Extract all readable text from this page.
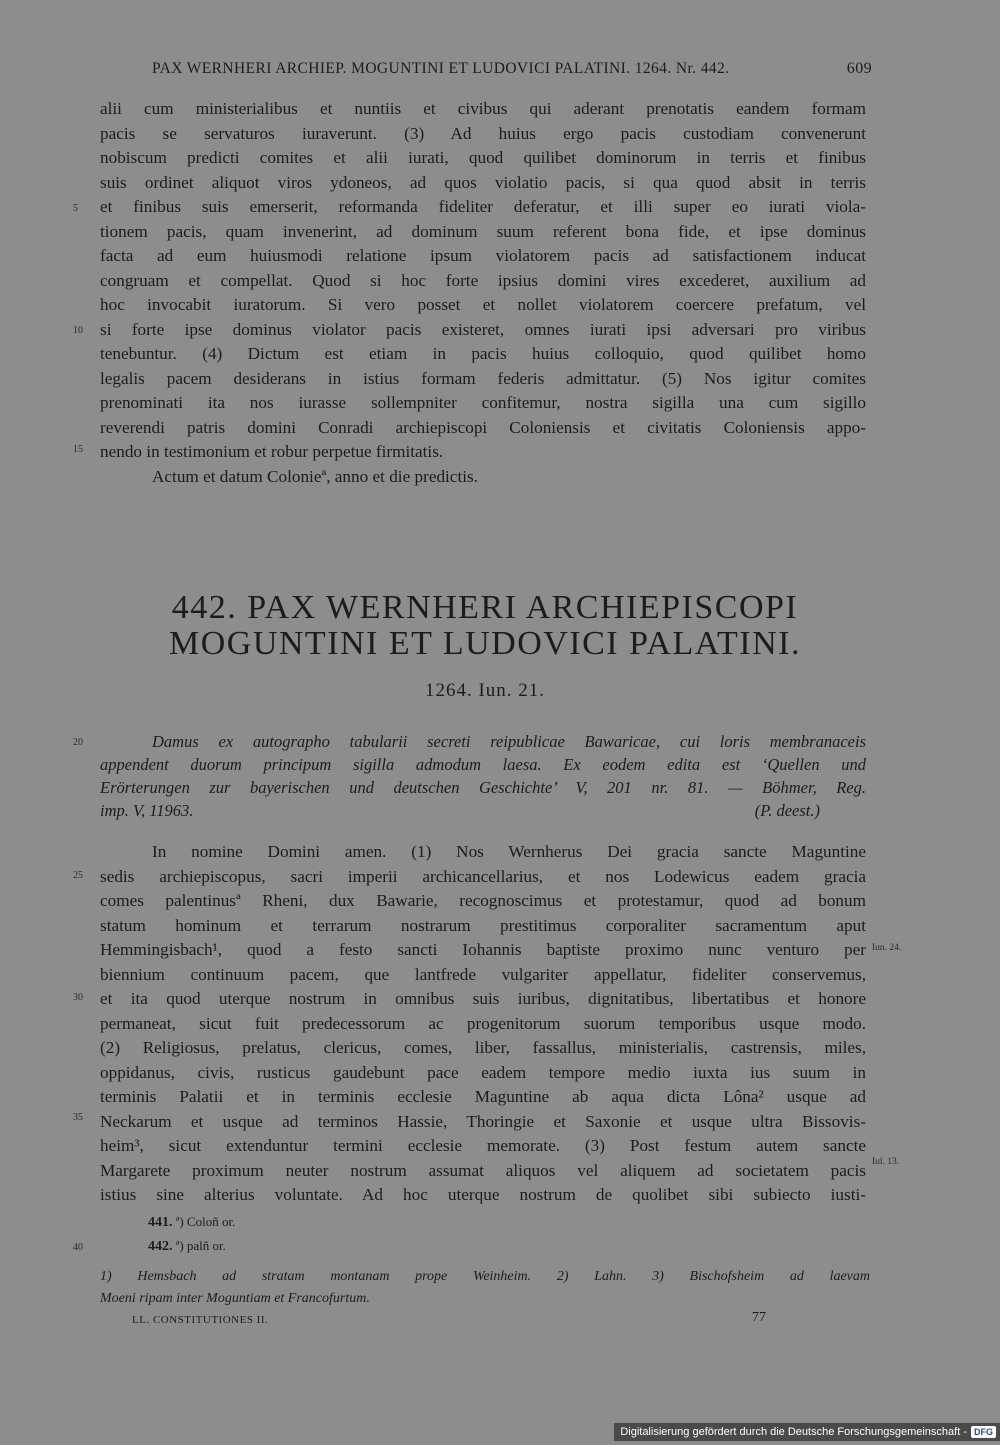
PAX WERNHERI ARCHIEP. MOGUNTINI ET LUDOVICI PALATINI. 1264. Nr. 442.	609
alii cum ministerialibus et nuntiis et civibus qui aderant prenotatis eandem formam
pacis se servaturos iuraverunt. (3) Ad huius ergo pacis custodiam convenerunt
nobiscum predicti comites et alii iurati, quod quilibet dominorum in terris et finibus
suis ordinet aliquot viros ydoneos, ad quos violatio pacis, si qua quod absit in terris
et finibus suis emerserit, reformanda fideliter deferatur, et illi super eo iurati viola-
tionem pacis, quam invenerint, ad dominum suum referent bona fide, et ipse dominus
facta ad eum huiusmodi relatione ipsum violatorem pacis ad satisfactionem inducat
congruam et compellat. Quod si hoc forte ipsius domini vires excederet, auxilium ad
hoc invocabit iuratorum. Si vero posset et nollet violatorem coercere prefatum, vel
si forte ipse dominus violator pacis existeret, omnes iurati ipsi adversari pro viribus
tenebuntur. (4) Dictum est etiam in pacis huius colloquio, quod quilibet homo
legalis pacem desiderans in istius formam federis admittatur. (5) Nos igitur comites
prenominati ita nos iurasse sollempniter confitemur, nostra sigilla una cum sigillo
reverendi patris domini Conradi archiepiscopi Coloniensis et civitatis Coloniensis appo-
nendo in testimonium et robur perpetue firmitatis.
Actum et datum Colonieª, anno et die predictis.
5
10
15
442. PAX WERNHERI ARCHIEPISCOPI
MOGUNTINI ET LUDOVICI PALATINI.
1264. Iun. 21.
Damus ex autographo tabularii secreti reipublicae Bawaricae, cui loris membranaceis
appendent duorum principum sigilla admodum laesa. Ex eodem edita est ‘Quellen und
Erörterungen zur bayerischen und deutschen Geschichte’ V, 201 nr. 81. — Böhmer, Reg.
imp. V, 11963.	(P. deest.)
20
In nomine Domini amen. (1) Nos Wernherus Dei gracia sancte Maguntine
sedis archiepiscopus, sacri imperii archicancellarius, et nos Lodewicus eadem gracia
comes palentinusª Rheni, dux Bawarie, recognoscimus et protestamur, quod ad bonum
statum hominum et terrarum nostrarum prestitimus corporaliter sacramentum aput
Hemmingisbach¹, quod a festo sancti Iohannis baptiste proximo nunc venturo per
biennium continuum pacem, que lantfrede vulgariter appellatur, fideliter conservemus,
et ita quod uterque nostrum in omnibus suis iuribus, dignitatibus, libertatibus et honore
permaneat, sicut fuit predecessorum ac progenitorum suorum temporibus usque modo.
(2) Religiosus, prelatus, clericus, comes, liber, fassallus, ministerialis, castrensis, miles,
oppidanus, civis, rusticus gaudebunt pace eadem tempore medio iuxta ius suum in
terminis Palatii et in terminis ecclesie Maguntine ab aqua dicta Lôna² usque ad
Neckarum et usque ad terminos Hassie, Thoringie et Saxonie et usque ultra Bissovis-
heim³, sicut extenduntur termini ecclesie memorate. (3) Post festum autem sancte
Margarete proximum neuter nostrum assumat aliquos vel aliquem ad societatem pacis
istius sine alterius voluntate. Ad hoc uterque nostrum de quolibet sibi subiecto iusti-
25
30
35
Iun. 24.
Iul. 13.
441. ª) Coloñ or.
442. ª) palñ or.
40
1) Hemsbach ad stratam montanam prope Weinheim. 2) Lahn. 3) Bischofsheim ad laevam
Moeni ripam inter Moguntiam et Francofurtum.
LL. CONSTITUTIONES II.	77
Digitalisierung gefördert durch die Deutsche Forschungsgemeinschaft - DFG
